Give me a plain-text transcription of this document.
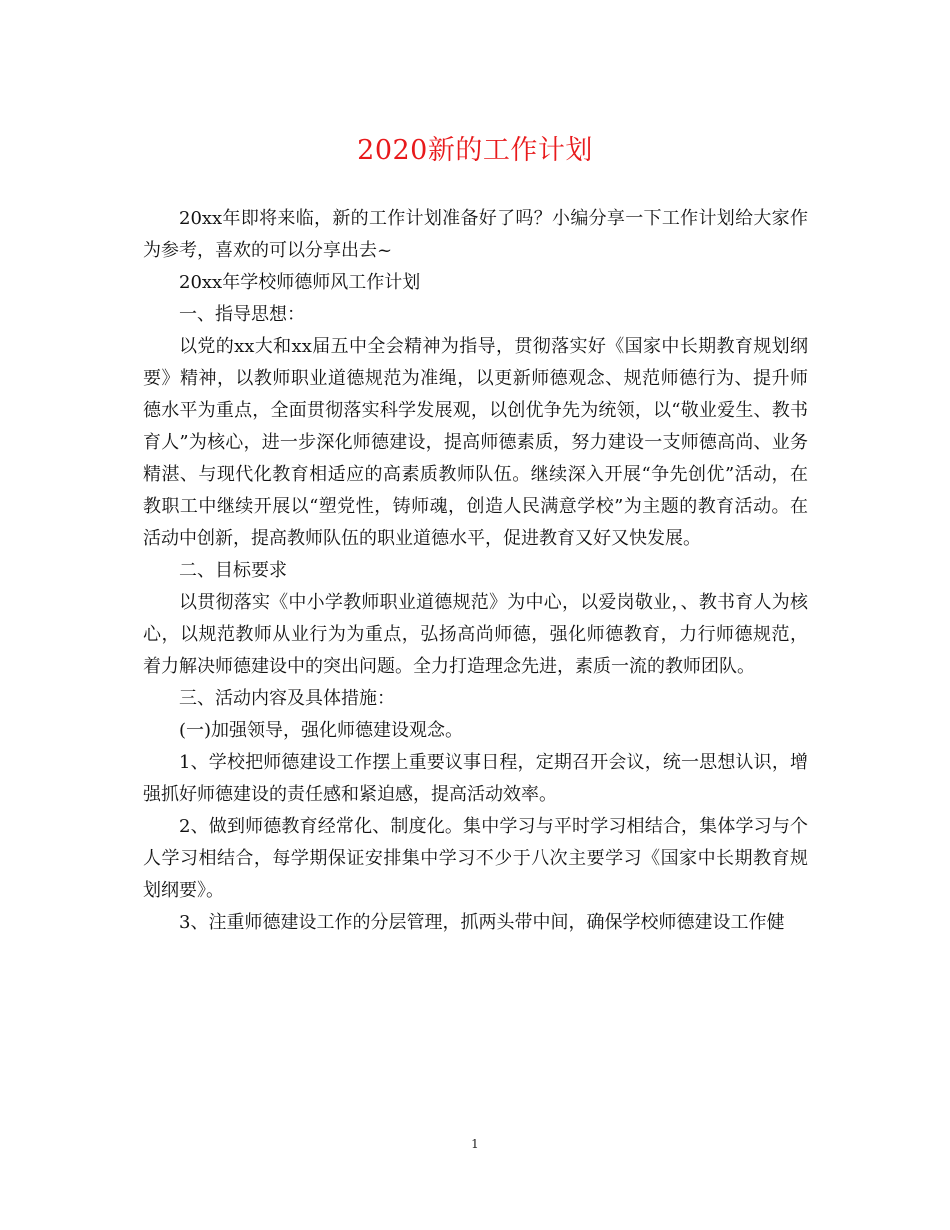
2020新的工作计划

20xx年即将来临，新的工作计划准备好了吗？小编分享一下工作计划给大家作为参考，喜欢的可以分享出去~

20xx年学校师德师风工作计划

一、指导思想：

以党的xx大和xx届五中全会精神为指导，贯彻落实好《国家中长期教育规划纲要》精神，以教师职业道德规范为准绳，以更新师德观念、规范师德行为、提升师德水平为重点，全面贯彻落实科学发展观，以创优争先为统领，以“敬业爱生、教书育人”为核心，进一步深化师德建设，提高师德素质，努力建设一支师德高尚、业务精湛、与现代化教育相适应的高素质教师队伍。继续深入开展“争先创优”活动，在教职工中继续开展以“塑党性，铸师魂，创造人民满意学校”为主题的教育活动。在活动中创新，提高教师队伍的职业道德水平，促进教育又好又快发展。

二、目标要求

以贯彻落实《中小学教师职业道德规范》为中心，以爱岗敬业，、教书育人为核心，以规范教师从业行为为重点，弘扬高尚师德，强化师德教育，力行师德规范，着力解决师德建设中的突出问题。全力打造理念先进，素质一流的教师团队。

三、活动内容及具体措施：

(一)加强领导，强化师德建设观念。

1、学校把师德建设工作摆上重要议事日程，定期召开会议，统一思想认识，增强抓好师德建设的责任感和紧迫感，提高活动效率。

2、做到师德教育经常化、制度化。集中学习与平时学习相结合，集体学习与个人学习相结合，每学期保证安排集中学习不少于八次主要学习《国家中长期教育规划纲要》。

3、注重师德建设工作的分层管理，抓两头带中间，确保学校师德建设工作健

1
